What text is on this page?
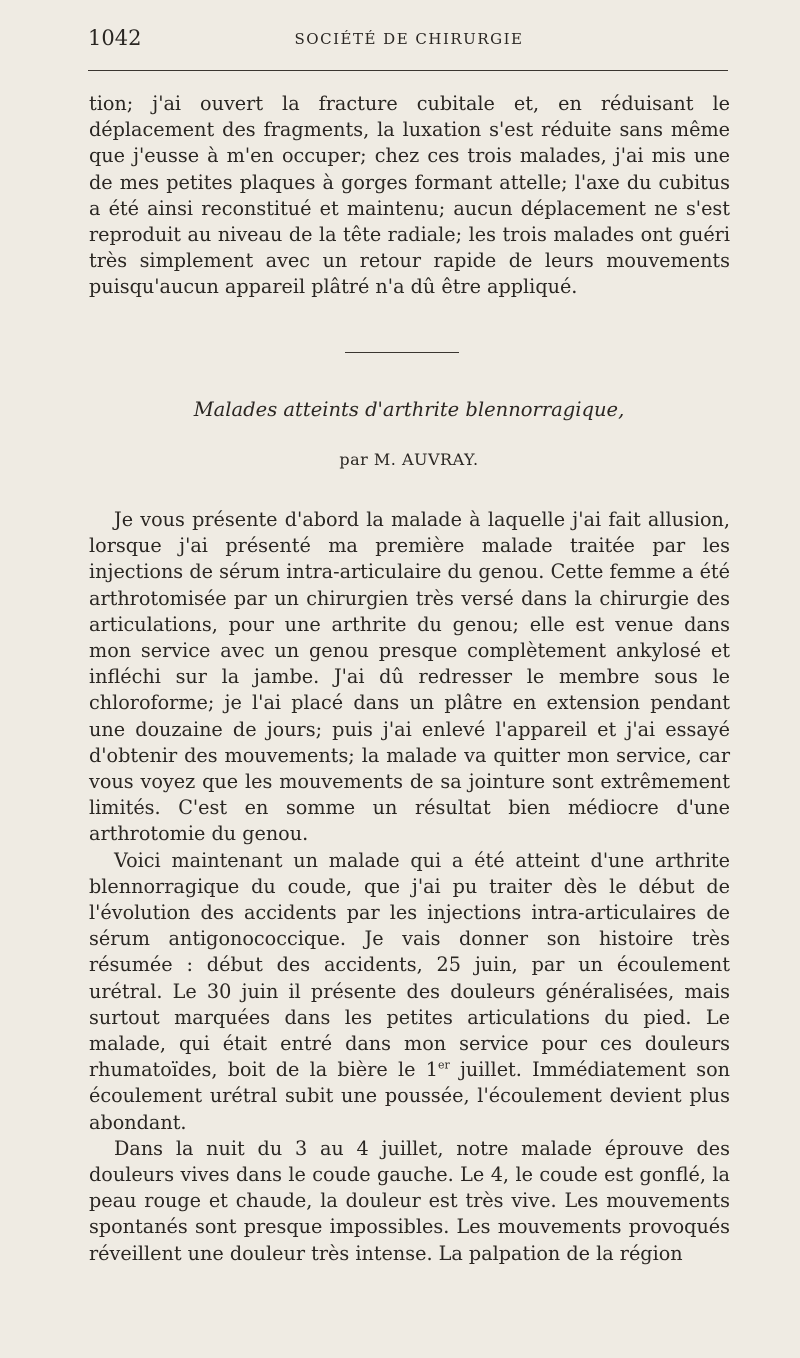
1042	SOCIÉTÉ DE CHIRURGIE

tion; j'ai ouvert la fracture cubitale et, en réduisant le déplacement des fragments, la luxation s'est réduite sans même que j'eusse à m'en occuper; chez ces trois malades, j'ai mis une de mes petites plaques à gorges formant attelle; l'axe du cubitus a été ainsi reconstitué et maintenu; aucun déplacement ne s'est reproduit au niveau de la tête radiale; les trois malades ont guéri très simplement avec un retour rapide de leurs mouvements puisqu'aucun appareil plâtré n'a dû être appliqué.

Malades atteints d'arthrite blennorragique,
par M. AUVRAY.

Je vous présente d'abord la malade à laquelle j'ai fait allusion, lorsque j'ai présenté ma première malade traitée par les injections de sérum intra-articulaire du genou. Cette femme a été arthrotomisée par un chirurgien très versé dans la chirurgie des articulations, pour une arthrite du genou; elle est venue dans mon service avec un genou presque complètement ankylosé et infléchi sur la jambe. J'ai dû redresser le membre sous le chloroforme; je l'ai placé dans un plâtre en extension pendant une douzaine de jours; puis j'ai enlevé l'appareil et j'ai essayé d'obtenir des mouvements; la malade va quitter mon service, car vous voyez que les mouvements de sa jointure sont extrêmement limités. C'est en somme un résultat bien médiocre d'une arthrotomie du genou.

Voici maintenant un malade qui a été atteint d'une arthrite blennorragique du coude, que j'ai pu traiter dès le début de l'évolution des accidents par les injections intra-articulaires de sérum antigonococcique. Je vais donner son histoire très résumée : début des accidents, 25 juin, par un écoulement urétral. Le 30 juin il présente des douleurs généralisées, mais surtout marquées dans les petites articulations du pied. Le malade, qui était entré dans mon service pour ces douleurs rhumatoïdes, boit de la bière le 1er juillet. Immédiatement son écoulement urétral subit une poussée, l'écoulement devient plus abondant.

Dans la nuit du 3 au 4 juillet, notre malade éprouve des douleurs vives dans le coude gauche. Le 4, le coude est gonflé, la peau rouge et chaude, la douleur est très vive. Les mouvements spontanés sont presque impossibles. Les mouvements provoqués réveillent une douleur très intense. La palpation de la région
